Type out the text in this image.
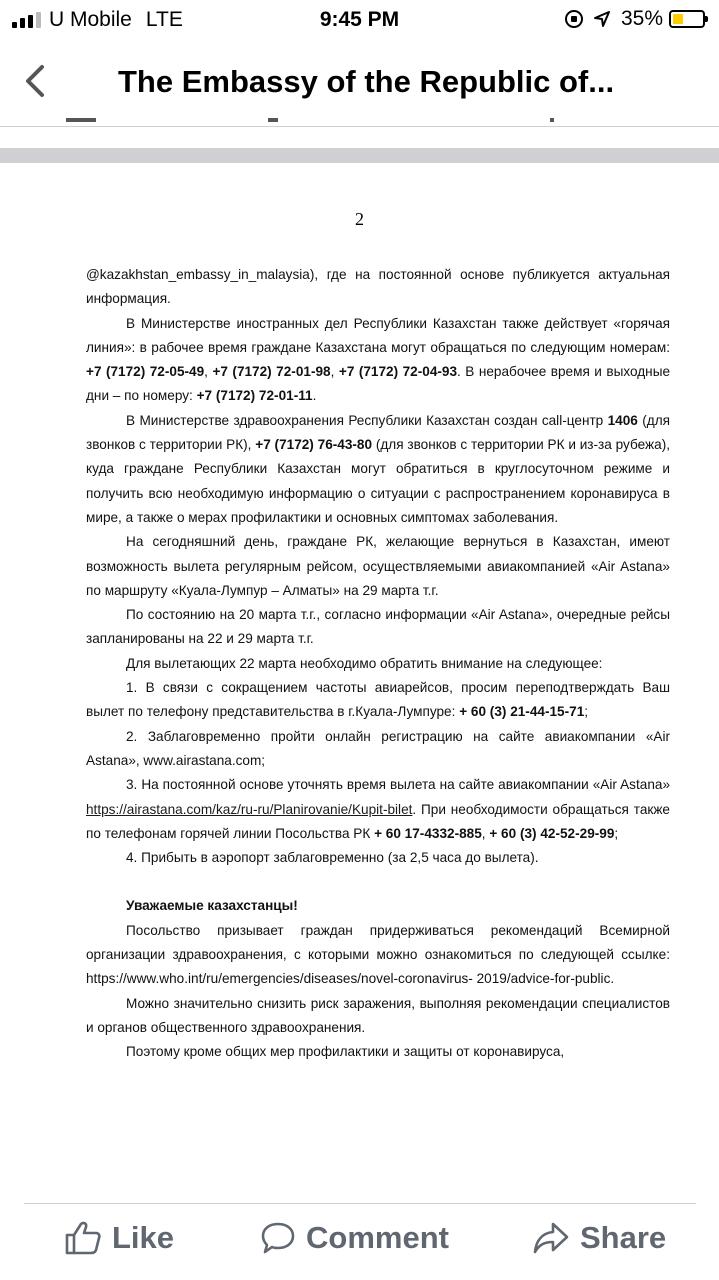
U Mobile LTE	9:45 PM	35%
The Embassy of the Republic of...
2

@kazakhstan_embassy_in_malaysia), где на постоянной основе публикуется актуальная информация.

В Министерстве иностранных дел Республики Казахстан также действует «горячая линия»: в рабочее время граждане Казахстана могут обращаться по следующим номерам: +7 (7172) 72-05-49, +7 (7172) 72-01-98, +7 (7172) 72-04-93. В нерабочее время и выходные дни – по номеру: +7 (7172) 72-01-11.

В Министерстве здравоохранения Республики Казахстан создан call-центр 1406 (для звонков с территории РК), +7 (7172) 76-43-80 (для звонков с территории РК и из-за рубежа), куда граждане Республики Казахстан могут обратиться в круглосуточном режиме и получить всю необходимую информацию о ситуации с распространением коронавируса в мире, а также о мерах профилактики и основных симптомах заболевания.

На сегодняшний день, граждане РК, желающие вернуться в Казахстан, имеют возможность вылета регулярным рейсом, осуществляемыми авиакомпанией «Air Astana» по маршруту «Куала-Лумпур – Алматы» на 29 марта т.г.

По состоянию на 20 марта т.г., согласно информации «Air Astana», очередные рейсы запланированы на 22 и 29 марта т.г.

Для вылетающих 22 марта необходимо обратить внимание на следующее:

1. В связи с сокращением частоты авиарейсов, просим переподтверждать Ваш вылет по телефону представительства в г.Куала-Лумпуре: + 60 (3) 21-44-15-71;

2. Заблаговременно пройти онлайн регистрацию на сайте авиакомпании «Air Astana», www.airastana.com;

3. На постоянной основе уточнять время вылета на сайте авиакомпании «Air Astana» https://airastana.com/kaz/ru-ru/Planirovanie/Kupit-bilet. При необходимости обращаться также по телефонам горячей линии Посольства РК + 60 17-4332-885, + 60 (3) 42-52-29-99;

4. Прибыть в аэропорт заблаговременно (за 2,5 часа до вылета).

Уважаемые казахстанцы!

Посольство призывает граждан придерживаться рекомендаций Всемирной организации здравоохранения, с которыми можно ознакомиться по следующей ссылке: https://www.who.int/ru/emergencies/diseases/novel-coronavirus- 2019/advice-for-public.

Можно значительно снизить риск заражения, выполняя рекомендации специалистов и органов общественного здравоохранения.

Поэтому кроме общих мер профилактики и защиты от коронавируса,

Like	Comment	Share
